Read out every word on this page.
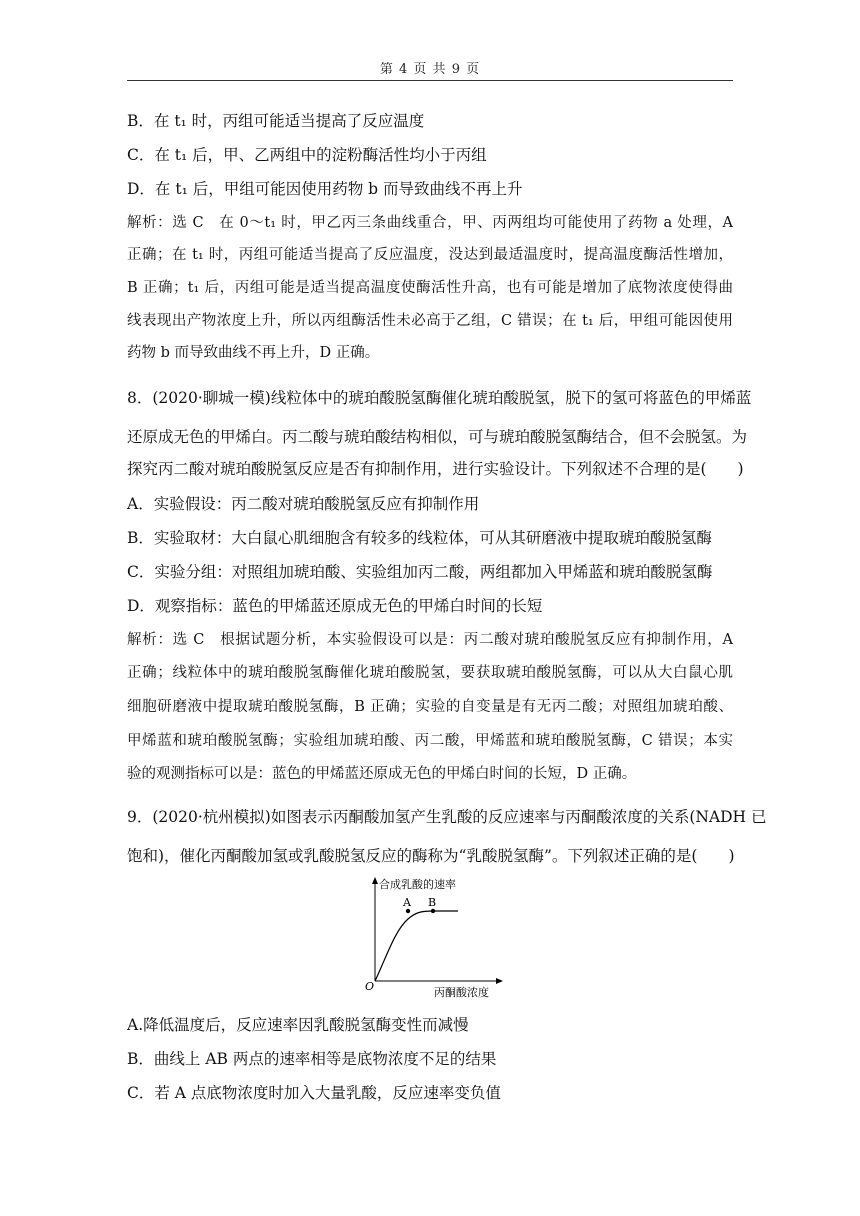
第 4 页 共 9 页
B．在 t₁ 时，丙组可能适当提高了反应温度
C．在 t₁ 后，甲、乙两组中的淀粉酶活性均小于丙组
D．在 t₁ 后，甲组可能因使用药物 b 而导致曲线不再上升
解析：选 C　在 0～t₁ 时，甲乙丙三条曲线重合，甲、丙两组均可能使用了药物 a 处理，A
正确；在 t₁ 时，丙组可能适当提高了反应温度，没达到最适温度时，提高温度酶活性增加，
B 正确；t₁ 后，丙组可能是适当提高温度使酶活性升高，也有可能是增加了底物浓度使得曲
线表现出产物浓度上升，所以丙组酶活性未必高于乙组，C 错误；在 t₁ 后，甲组可能因使用
药物 b 而导致曲线不再上升，D 正确。
8．(2020·聊城一模)线粒体中的琥珀酸脱氢酶催化琥珀酸脱氢，脱下的氢可将蓝色的甲烯蓝
还原成无色的甲烯白。丙二酸与琥珀酸结构相似，可与琥珀酸脱氢酶结合，但不会脱氢。为
探究丙二酸对琥珀酸脱氢反应是否有抑制作用，进行实验设计。下列叙述不合理的是(　　)
A．实验假设：丙二酸对琥珀酸脱氢反应有抑制作用
B．实验取材：大白鼠心肌细胞含有较多的线粒体，可从其研磨液中提取琥珀酸脱氢酶
C．实验分组：对照组加琥珀酸、实验组加丙二酸，两组都加入甲烯蓝和琥珀酸脱氢酶
D．观察指标：蓝色的甲烯蓝还原成无色的甲烯白时间的长短
解析：选 C　根据试题分析，本实验假设可以是：丙二酸对琥珀酸脱氢反应有抑制作用，A
正确；线粒体中的琥珀酸脱氢酶催化琥珀酸脱氢，要获取琥珀酸脱氢酶，可以从大白鼠心肌
细胞研磨液中提取琥珀酸脱氢酶，B 正确；实验的自变量是有无丙二酸；对照组加琥珀酸、
甲烯蓝和琥珀酸脱氢酶；实验组加琥珀酸、丙二酸，甲烯蓝和琥珀酸脱氢酶，C 错误；本实
验的观测指标可以是：蓝色的甲烯蓝还原成无色的甲烯白时间的长短，D 正确。
9．(2020·杭州模拟)如图表示丙酮酸加氢产生乳酸的反应速率与丙酮酸浓度的关系(NADH 已
饱和)，催化丙酮酸加氢或乳酸脱氢反应的酶称为“乳酸脱氢酶”。下列叙述正确的是(　　)
合成乳酸的速率
丙酮酸浓度
O
A B
A.降低温度后，反应速率因乳酸脱氢酶变性而减慢
B．曲线上 AB 两点的速率相等是底物浓度不足的结果
C．若 A 点底物浓度时加入大量乳酸，反应速率变负值
